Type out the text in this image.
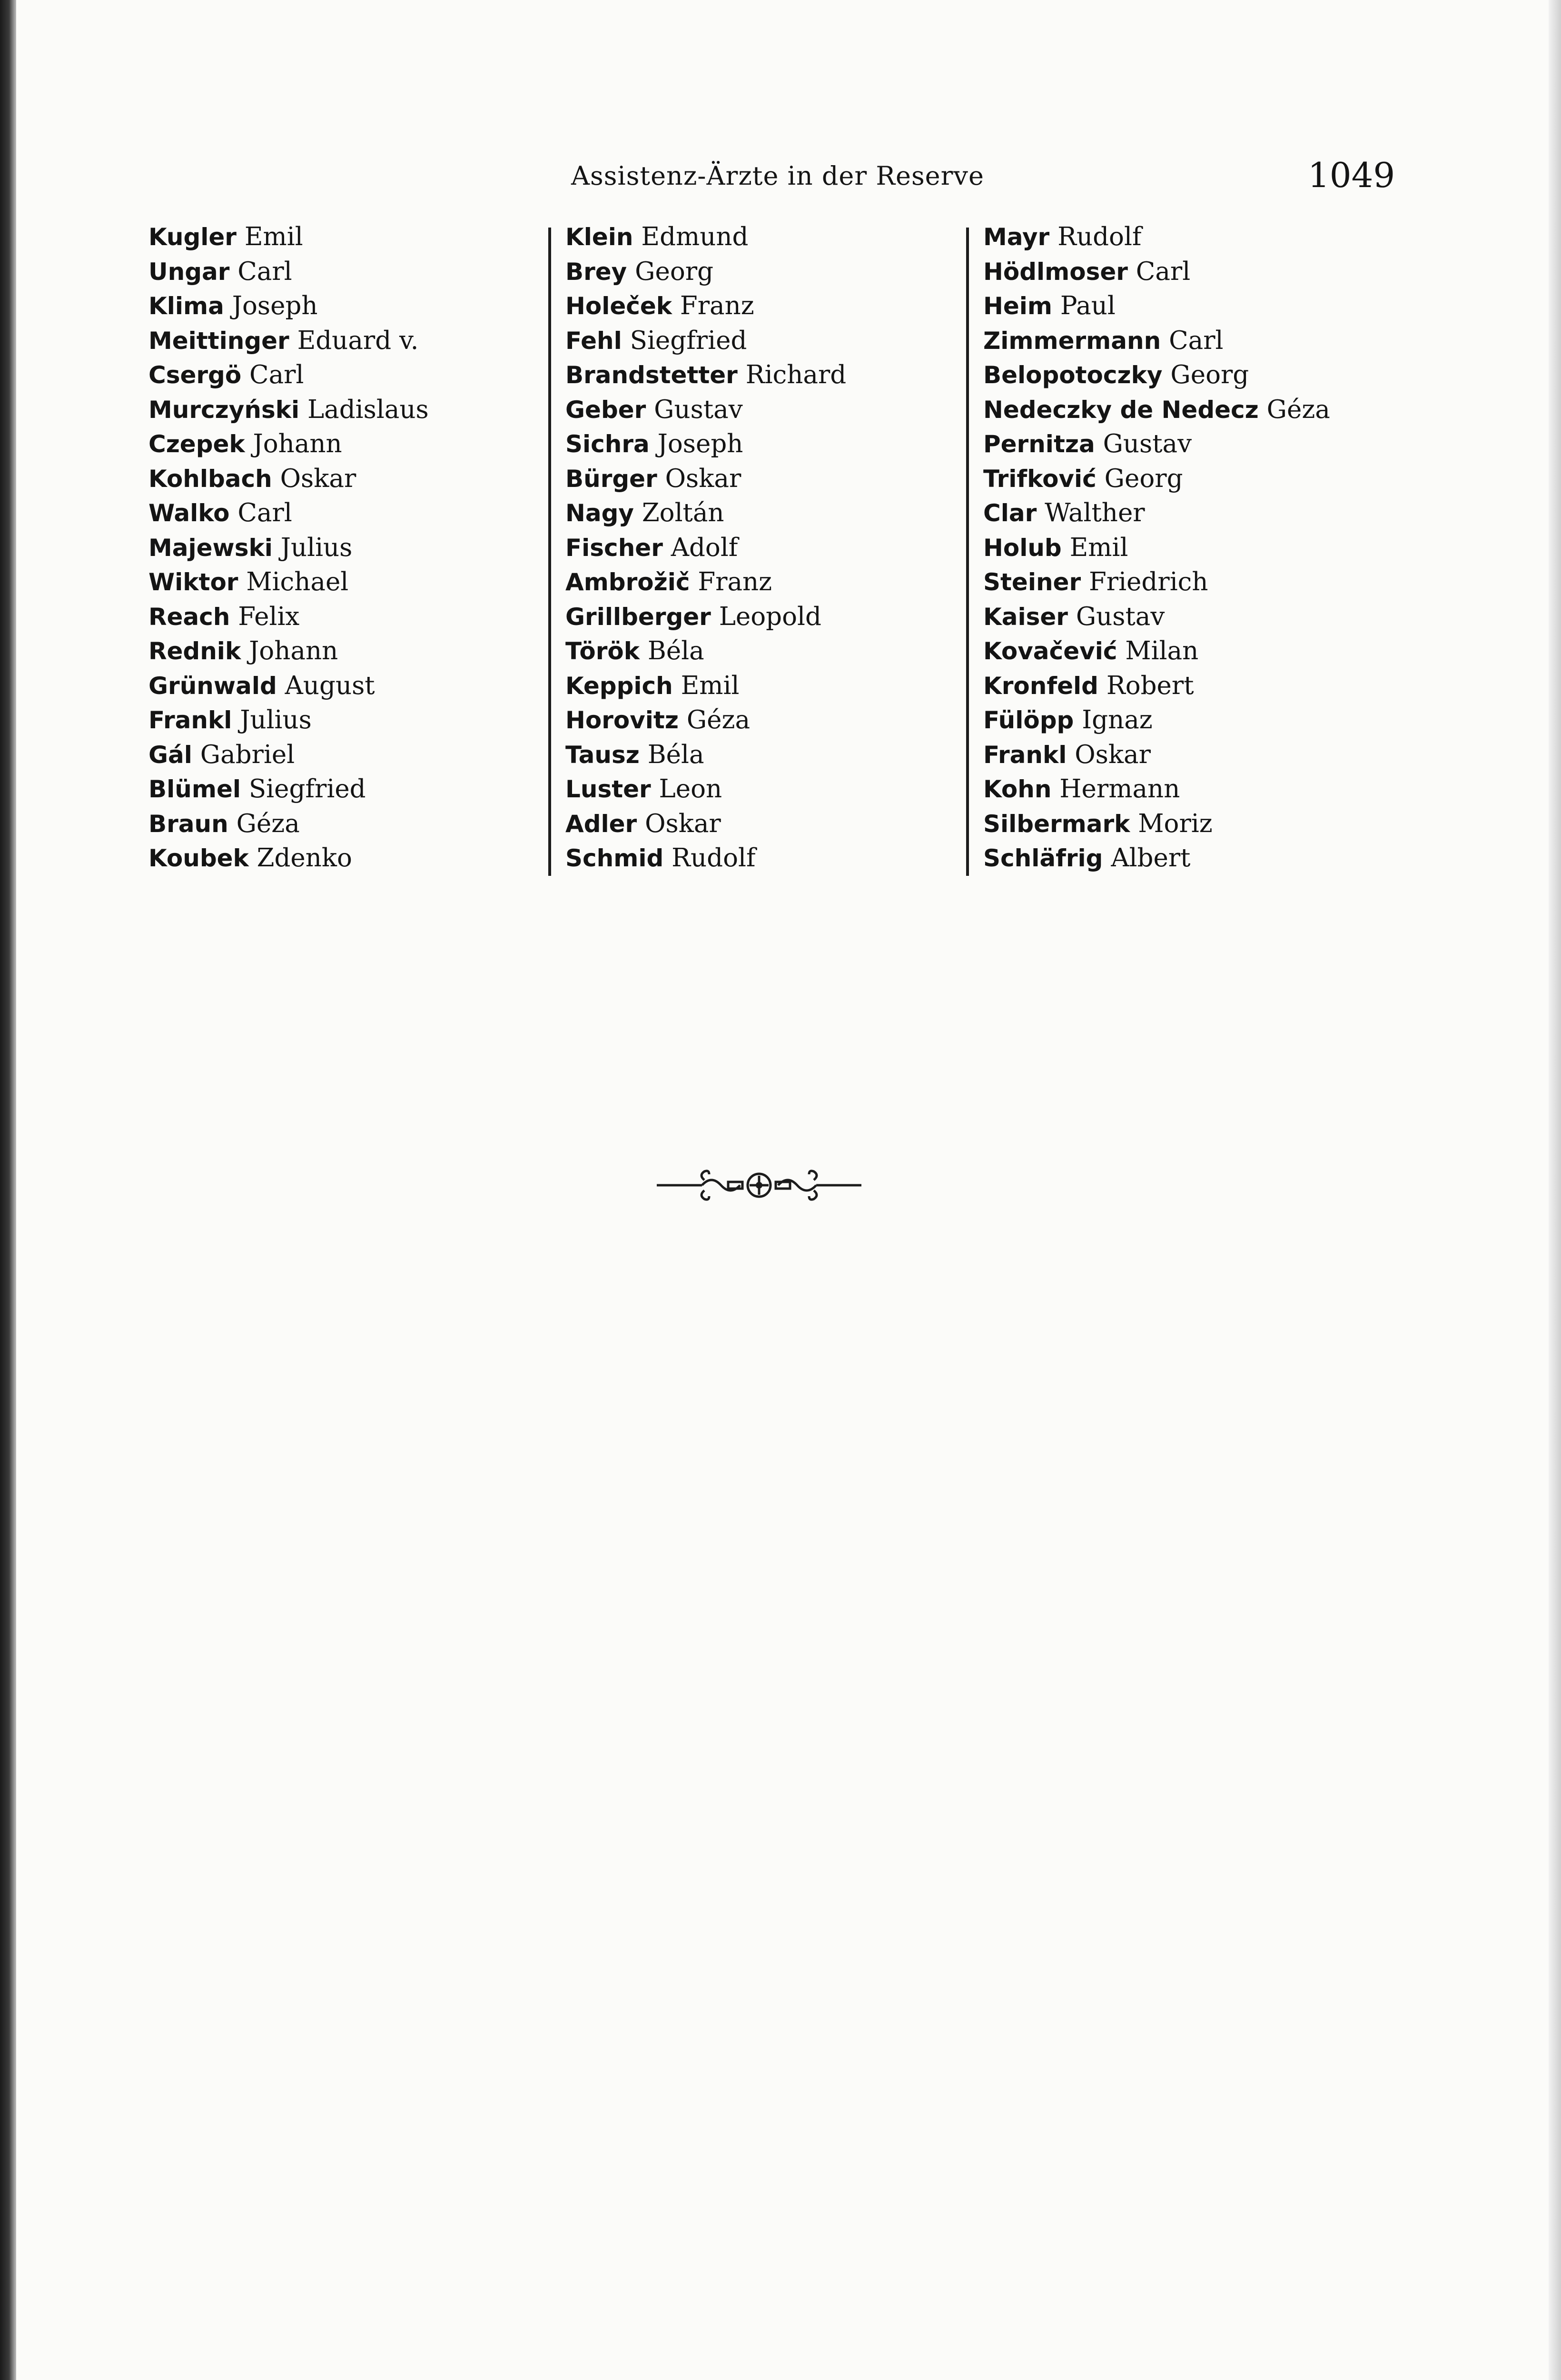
Assistenz-Ärzte in der Reserve	1049
Kugler Emil
Ungar Carl
Klima Joseph
Meittinger Eduard v.
Csergö Carl
Murczyński Ladislaus
Czepek Johann
Kohlbach Oskar
Walko Carl
Majewski Julius
Wiktor Michael
Reach Felix
Rednik Johann
Grünwald August
Frankl Julius
Gál Gabriel
Blümel Siegfried
Braun Géza
Koubek Zdenko
Klein Edmund
Brey Georg
Holeček Franz
Fehl Siegfried
Brandstetter Richard
Geber Gustav
Sichra Joseph
Bürger Oskar
Nagy Zoltán
Fischer Adolf
Ambrožič Franz
Grillberger Leopold
Török Béla
Keppich Emil
Horovitz Géza
Tausz Béla
Luster Leon
Adler Oskar
Schmid Rudolf
Mayr Rudolf
Hödlmoser Carl
Heim Paul
Zimmermann Carl
Belopotoczky Georg
Nedeczky de Nedecz Géza
Pernitza Gustav
Trifković Georg
Clar Walther
Holub Emil
Steiner Friedrich
Kaiser Gustav
Kovačević Milan
Kronfeld Robert
Fülöpp Ignaz
Frankl Oskar
Kohn Hermann
Silbermark Moriz
Schläfrig Albert
